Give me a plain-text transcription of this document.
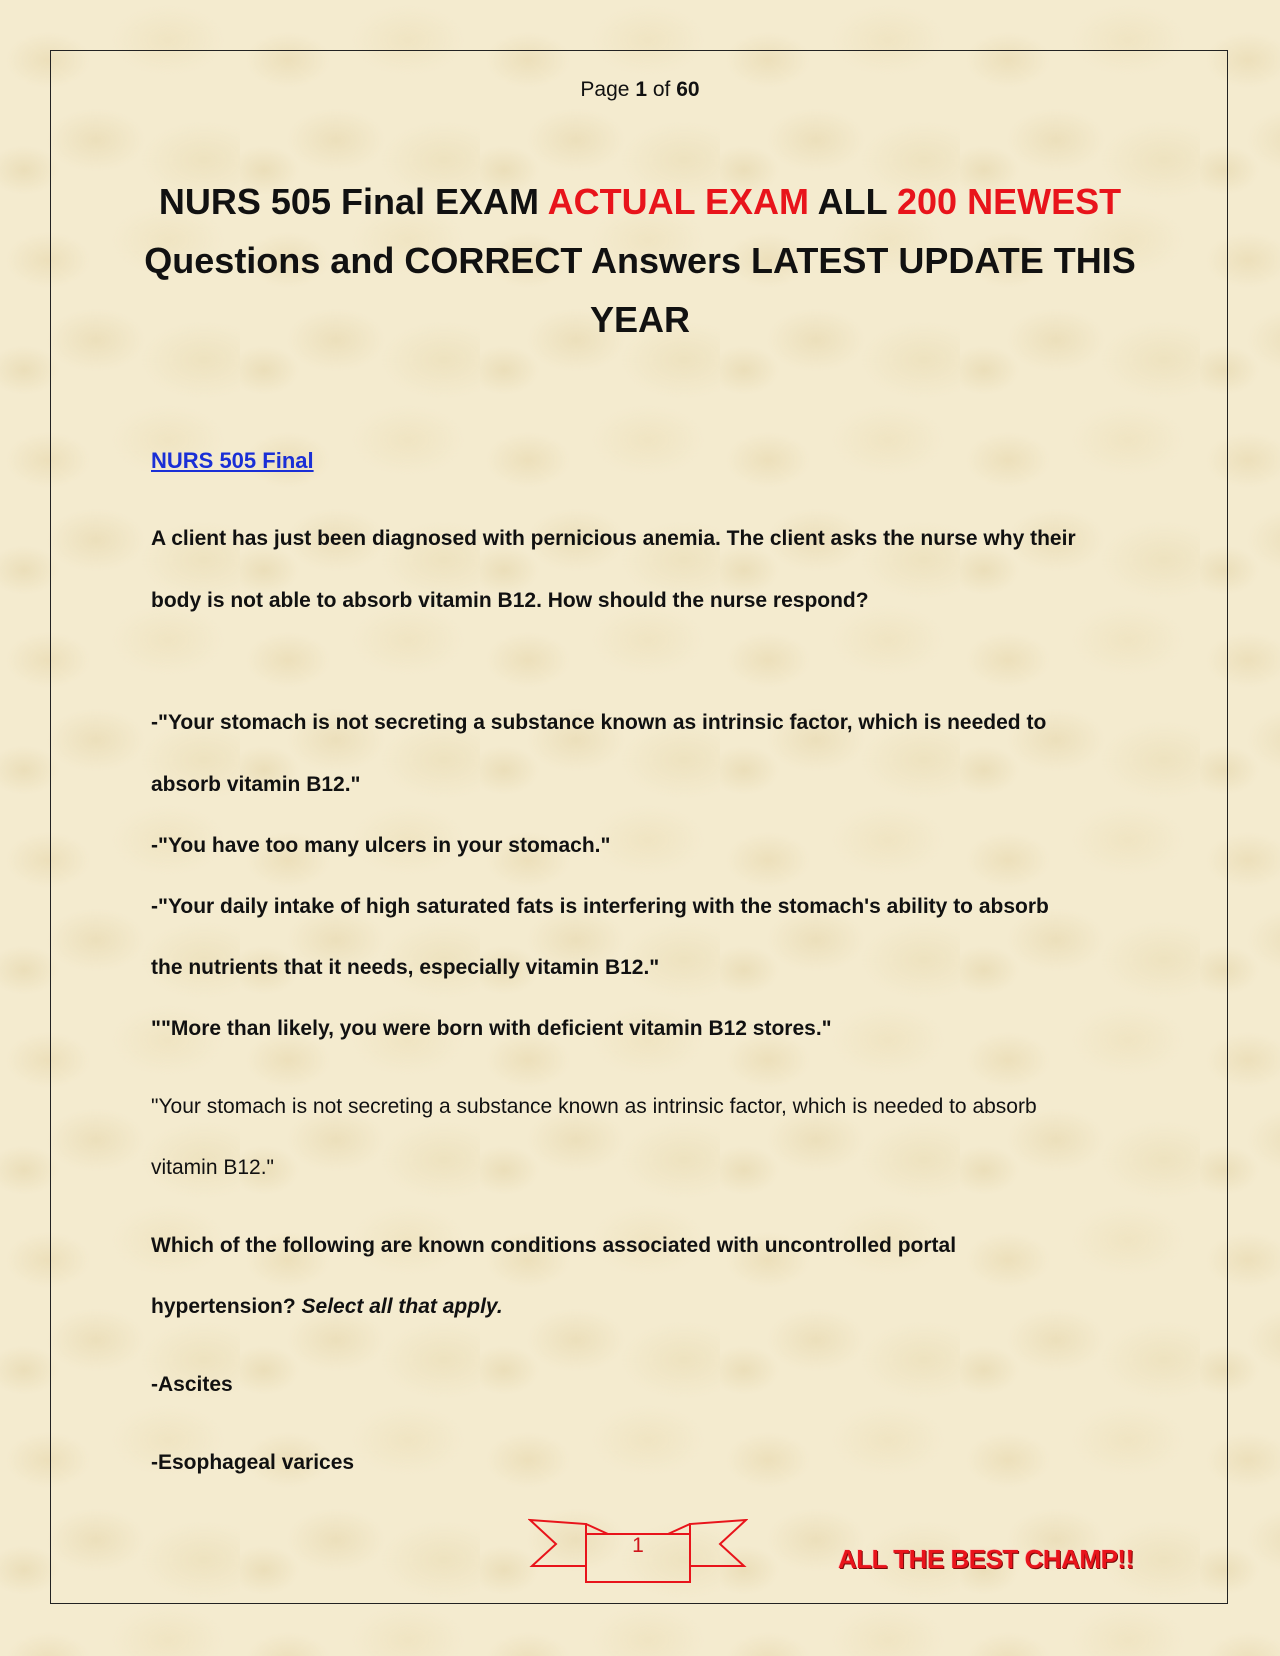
Page 1 of 60
NURS 505 Final EXAM ACTUAL EXAM ALL 200 NEWEST
Questions and CORRECT Answers LATEST UPDATE THIS
YEAR
NURS 505 Final
A client has just been diagnosed with pernicious anemia. The client asks the nurse why their
body is not able to absorb vitamin B12. How should the nurse respond?
-"Your stomach is not secreting a substance known as intrinsic factor, which is needed to
absorb vitamin B12."
-"You have too many ulcers in your stomach."
-"Your daily intake of high saturated fats is interfering with the stomach's ability to absorb
the nutrients that it needs, especially vitamin B12."
""More than likely, you were born with deficient vitamin B12 stores."
"Your stomach is not secreting a substance known as intrinsic factor, which is needed to absorb
vitamin B12."
Which of the following are known conditions associated with uncontrolled portal
hypertension? Select all that apply.
-Ascites
-Esophageal varices
1	ALL THE BEST CHAMP!!
